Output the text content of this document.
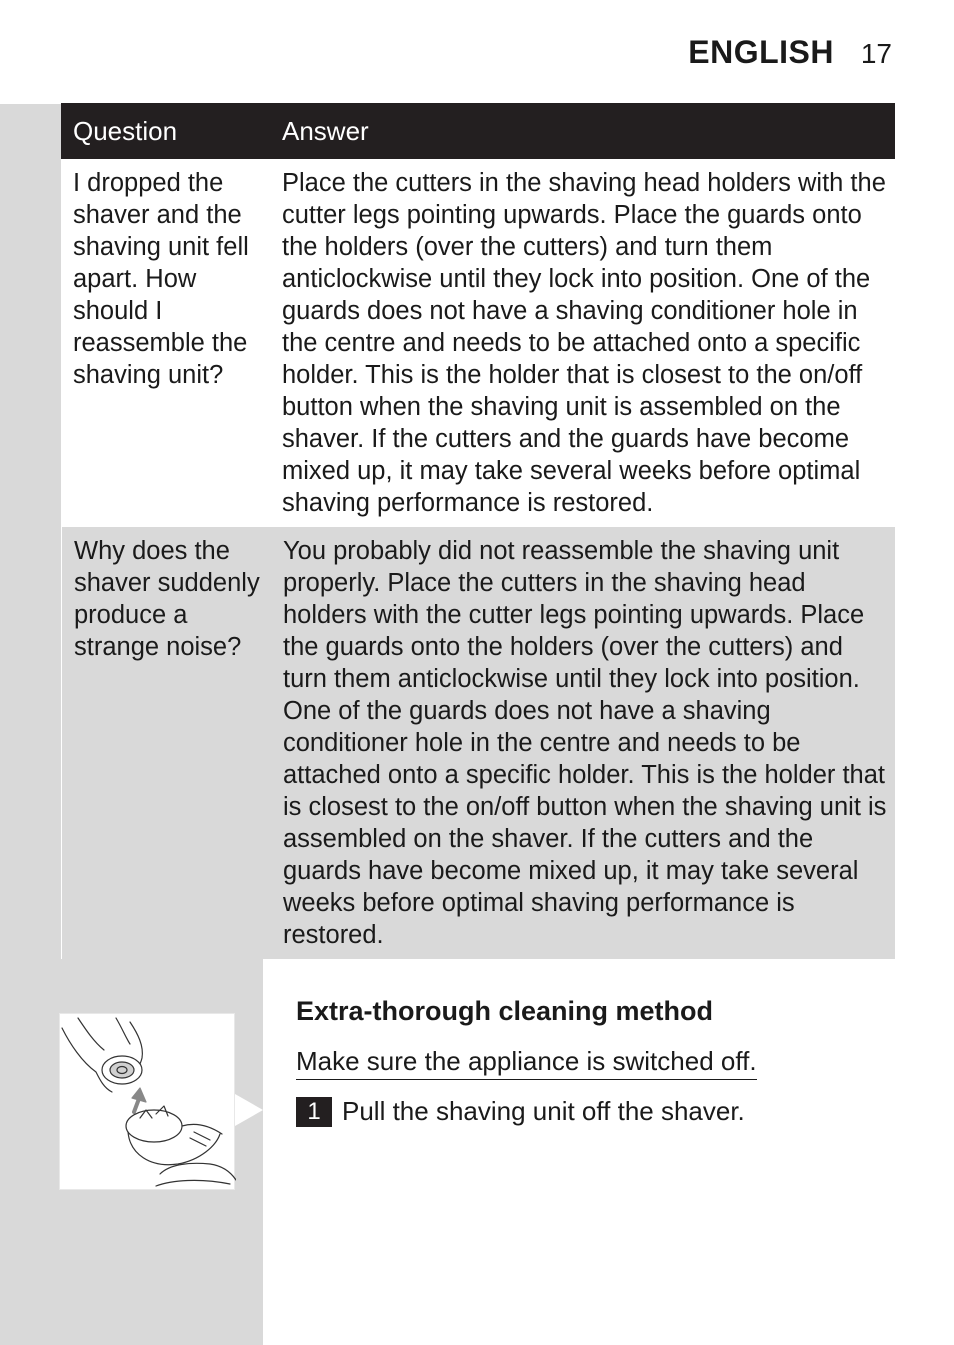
ENGLISH 17
Question	Answer
I dropped the shaver and the shaving unit fell apart. How should I reassemble the shaving unit?
Place the cutters in the shaving head holders with the cutter legs pointing upwards. Place the guards onto the holders (over the cutters) and turn them anticlockwise until they lock into position. One of the guards does not have a shaving conditioner hole in the centre and needs to be attached onto a specific holder. This is the holder that is closest to the on/off button when the shaving unit is assembled on the shaver. If the cutters and the guards have become mixed up, it may take several weeks before optimal shaving performance is restored.
Why does the shaver suddenly produce a strange noise?
You probably did not reassemble the shaving unit properly. Place the cutters in the shaving head holders with the cutter legs pointing upwards. Place the guards onto the holders (over the cutters) and turn them anticlockwise until they lock into position. One of the guards does not have a shaving conditioner hole in the centre and needs to be attached onto a specific holder. This is the holder that is closest to the on/off button when the shaving unit is assembled on the shaver. If the cutters and the guards have become mixed up, it may take several weeks before optimal shaving performance is restored.
Extra-thorough cleaning method
Make sure the appliance is switched off.
1 Pull the shaving unit off the shaver.
